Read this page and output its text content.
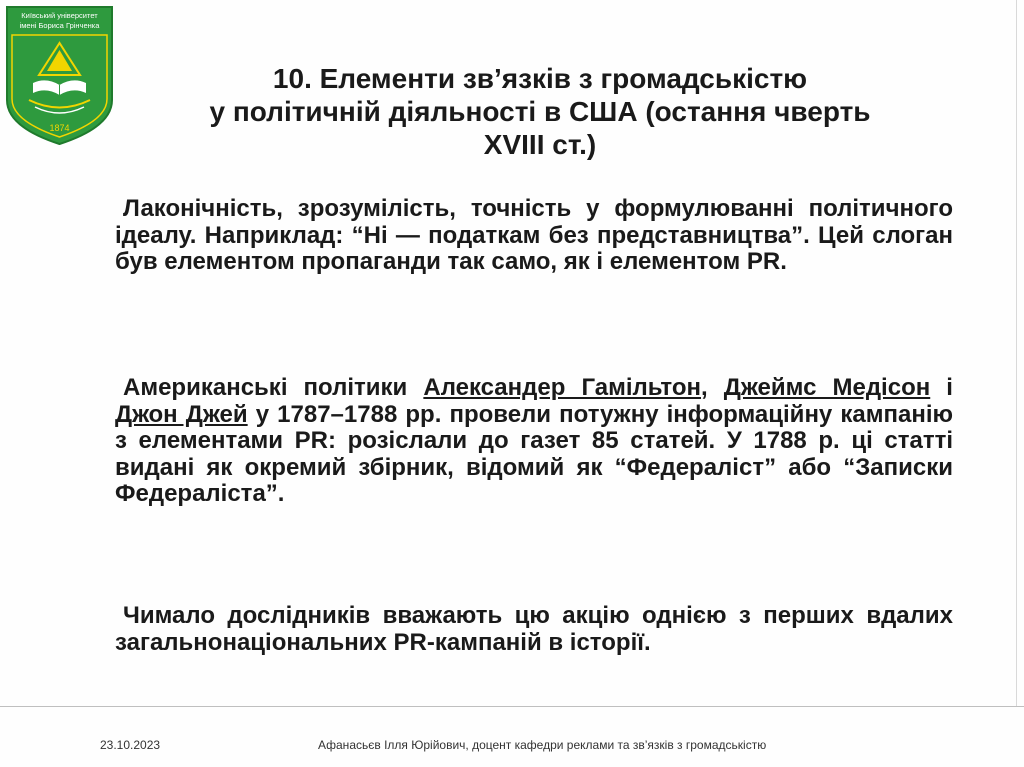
Київський університет
імені Бориса Грінченка
1874
10. Елементи зв’язків з громадськістю
у політичній діяльності в США (остання чверть
XVIII ст.)
Лаконічність, зрозумілість, точність у формулюванні політичного ідеалу. Наприклад: “Ні — податкам без представництва”. Цей слоган був елементом пропаганди так само, як і елементом PR.
Американські політики Александер Гамільтон, Джеймс Медісон і Джон Джей у 1787–1788 рр. провели потужну інформаційну кампанію з елементами PR: розіслали до газет 85 статей. У 1788 р. ці статті видані як окремий збірник, відомий як “Федераліст” або “Записки Федераліста”.
Чимало дослідників вважають цю акцію однією з перших вдалих загальнонаціональних PR-кампаній в історії.
23.10.2023	Афанасьєв Ілля Юрійович, доцент кафедри реклами та зв’язків з громадськістю
